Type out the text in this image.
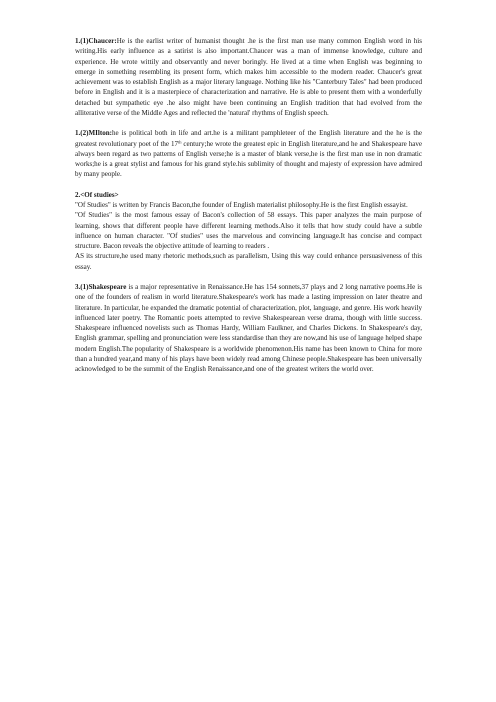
1.(1)Chaucer:He is the earlist writer of humanist thought .he is the first man use many common English word in his writing.His early influence as a satirist is also important.Chaucer was a man of immense knowledge, culture and experience. He wrote wittily and observantly and never boringly. He lived at a time when English was beginning to emerge in something resembling its present form, which makes him accessible to the modern reader. Chaucer's great achievement was to establish English as a major literary language. Nothing like his "Canterbury Tales" had been produced before in English and it is a masterpiece of characterization and narrative. He is able to present them with a wonderfully detached but sympathetic eye .he also might have been continuing an English tradition that had evolved from the alliterative verse of the Middle Ages and reflected the 'natural' rhythms of English speech.

1.(2)MIlton:he is political both in life and art.he is a militant pamphleteer of the English literature and the he is the greatest revolutionary poet of the 17th century;he wrote the greatest epic in English literature,and he and Shakespeare have always been regard as two patterns of English verse;he is a master of blank verse,he is the first man use in non dramatic works;he is a great stylist and famous for his grand style.his sublimity of thought and majesty of expression have admired by many people.

2.<Of studies>

"Of Studies" is written by Francis Bacon,the founder of English materialist philosophy.He is the first English essayist.

"Of Studies" is the most famous essay of Bacon's collection of 58 essays. This paper analyzes the main purpose of learning, shows that different people have different learning methods.Also it tells that how study could have a subtle influence on human character. "Of studies" uses the marvelous and convincing language.It has concise and compact structure. Bacon reveals the objective attitude of learning to readers .

AS its structure,he used many rhetoric methods,such as parallelism, Using this way could enhance persuasiveness of this essay.

3.(1)Shakespeare is a major representative in Renaissance.He has 154 sonnets,37 plays and 2 long narrative poems.He is one of the founders of realism in world literature.Shakespeare's work has made a lasting impression on later theatre and literature. In particular, he expanded the dramatic potential of characterization, plot, language, and genre. His work heavily influenced later poetry. The Romantic poets attempted to revive Shakespearean verse drama, though with little success. Shakespeare influenced novelists such as Thomas Hardy, William Faulkner, and Charles Dickens. In Shakespeare's day, English grammar, spelling and pronunciation were less standardise than they are now,and his use of language helped shape modern English.The popularity of Shakespeare is a worldwide phenomenon.His name has been known to China for more than a hundred year,and many of his plays have been widely read among Chinese people.Shakespeare has been universally acknowledged to be the summit of the English Renaissance,and one of the greatest writers the world over.
